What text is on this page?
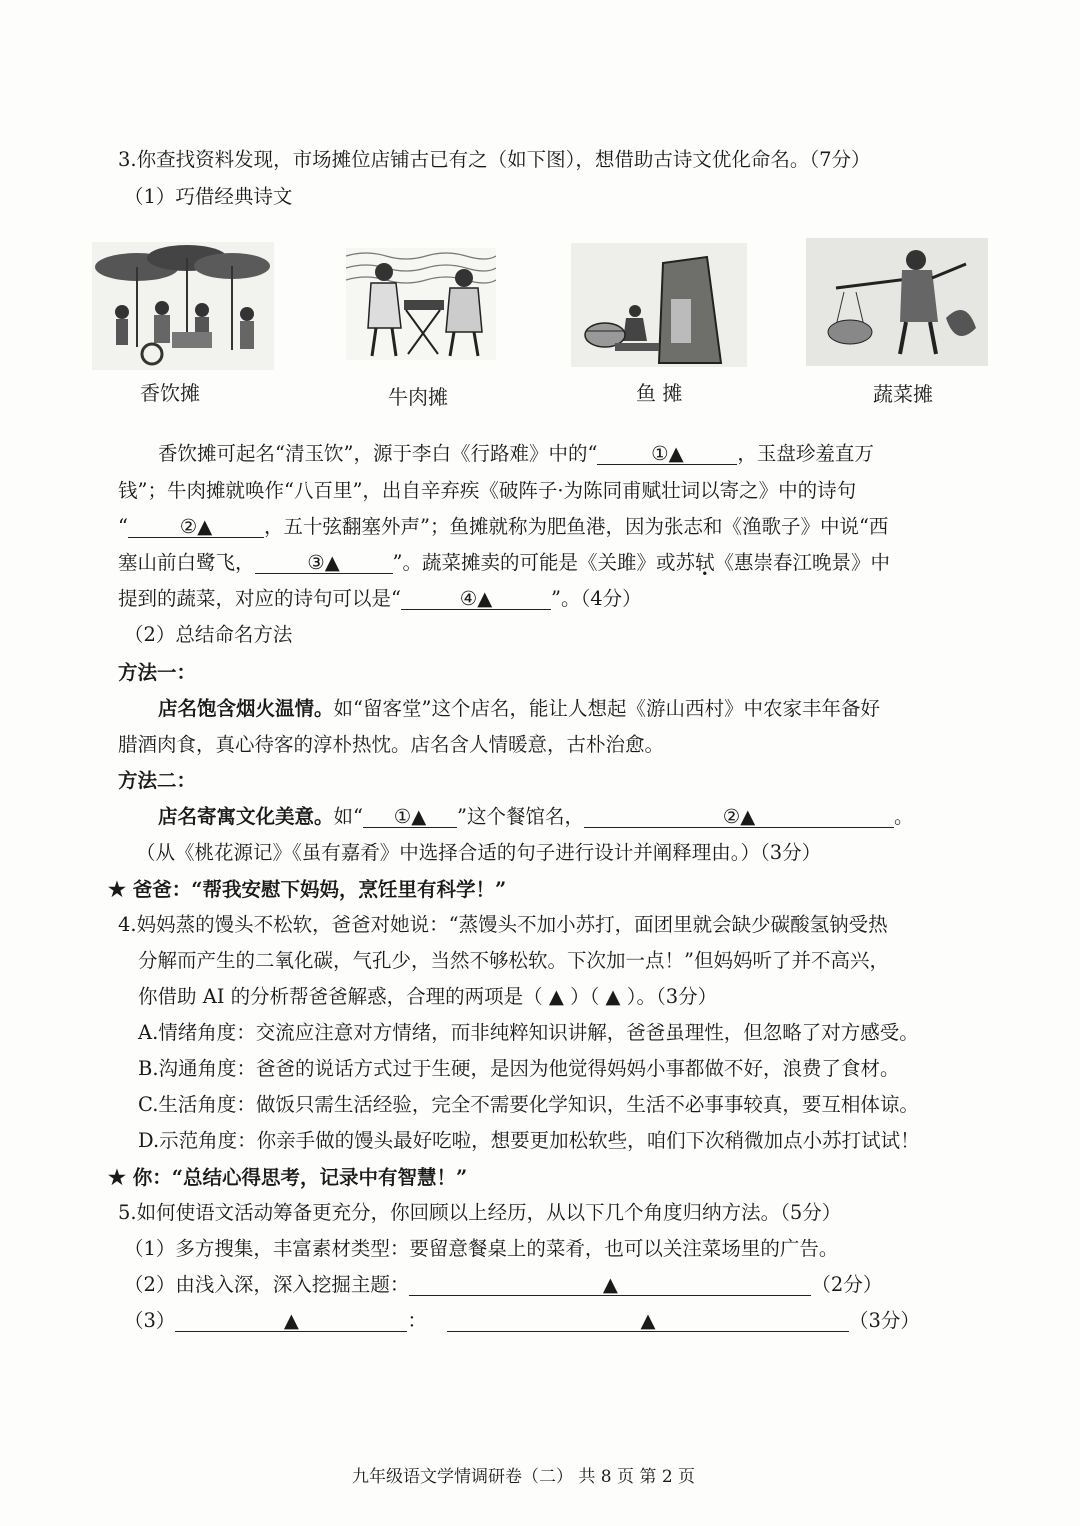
3.你查找资料发现，市场摊位店铺古已有之（如下图），想借助古诗文优化命名。（7分）
（1）巧借经典诗文
香饮摊	牛肉摊	鱼 摊	蔬菜摊
香饮摊可起名“清玉饮”，源于李白《行路难》中的“	①▲	，玉盘珍羞直万
钱”；牛肉摊就唤作“八百里”，出自辛弃疾《破阵子·为陈同甫赋壮词以寄之》中的诗句
“	②▲	，五十弦翻塞外声”；鱼摊就称为肥鱼港，因为张志和《渔歌子》中说“西
塞山前白鹭飞，	③▲	”。蔬菜摊卖的可能是《关雎》或苏轼《惠崇春江晚景》中
提到的蔬菜，对应的诗句可以是“	④▲	”。（4分）
（2）总结命名方法
方法一：
店名饱含烟火温情。如“留客堂”这个店名，能让人想起《游山西村》中农家丰年备好
腊酒肉食，真心待客的淳朴热忱。店名含人情暖意，古朴治愈。
方法二：
店名寄寓文化美意。如“ ①▲ ”这个餐馆名，	②▲	。
（从《桃花源记》《虽有嘉肴》中选择合适的句子进行设计并阐释理由。）（3分）
★ 爸爸：“帮我安慰下妈妈，烹饪里有科学！”
4.妈妈蒸的馒头不松软，爸爸对她说：“蒸馒头不加小苏打，面团里就会缺少碳酸氢钠受热
分解而产生的二氧化碳，气孔少，当然不够松软。下次加一点！”但妈妈听了并不高兴，
你借助 AI 的分析帮爸爸解惑，合理的两项是（ ▲ ）（ ▲ ）。（3分）
A.情绪角度：交流应注意对方情绪，而非纯粹知识讲解，爸爸虽理性，但忽略了对方感受。
B.沟通角度：爸爸的说话方式过于生硬，是因为他觉得妈妈小事都做不好，浪费了食材。
C.生活角度：做饭只需生活经验，完全不需要化学知识，生活不必事事较真，要互相体谅。
D.示范角度：你亲手做的馒头最好吃啦，想要更加松软些，咱们下次稍微加点小苏打试试！
★ 你：“总结心得思考，记录中有智慧！”
5.如何使语文活动筹备更充分，你回顾以上经历，从以下几个角度归纳方法。（5分）
（1）多方搜集，丰富素材类型：要留意餐桌上的菜肴，也可以关注菜场里的广告。
（2）由浅入深，深入挖掘主题：	▲	（2分）
（3）	▲	：	▲	（3分）
九年级语文学情调研卷（二） 共 8 页 第 2 页
